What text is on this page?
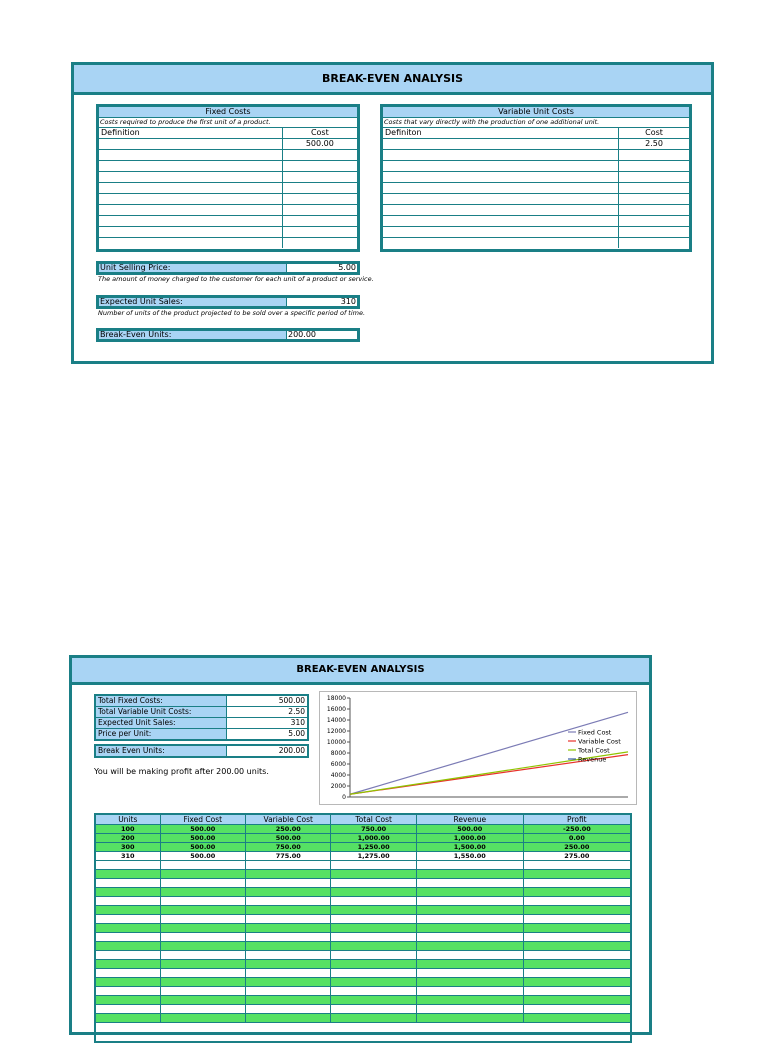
BREAK-EVEN ANALYSIS
Fixed Costs
Costs required to produce the first unit of a product.
Definition	Cost
	500.00

Variable Unit Costs
Costs that vary directly with the production of one additional unit.
Definiton	Cost
	2.50

Unit Selling Price:	5.00
The amount of money charged to the customer for each unit of a product or service.
Expected Unit Sales:	310
Number of units of the product projected to be sold over a specific period of time.
Break-Even Units:	200.00
BREAK-EVEN ANALYSIS
Total Fixed Costs:	500.00
Total Variable Unit Costs:	2.50
Expected Unit Sales:	310
Price per Unit:	5.00
Break Even Units:	200.00
You will be making profit after 200.00 units.
18000
16000
14000
12000
10000
8000
6000
4000
2000
0
Fixed Cost
Variable Cost
Total Cost
Revenue
Units	Fixed Cost	Variable Cost	Total Cost	Revenue	Profit
100	500.00	250.00	750.00	500.00	-250.00
200	500.00	500.00	1,000.00	1,000.00	0.00
300	500.00	750.00	1,250.00	1,500.00	250.00
310	500.00	775.00	1,275.00	1,550.00	275.00
